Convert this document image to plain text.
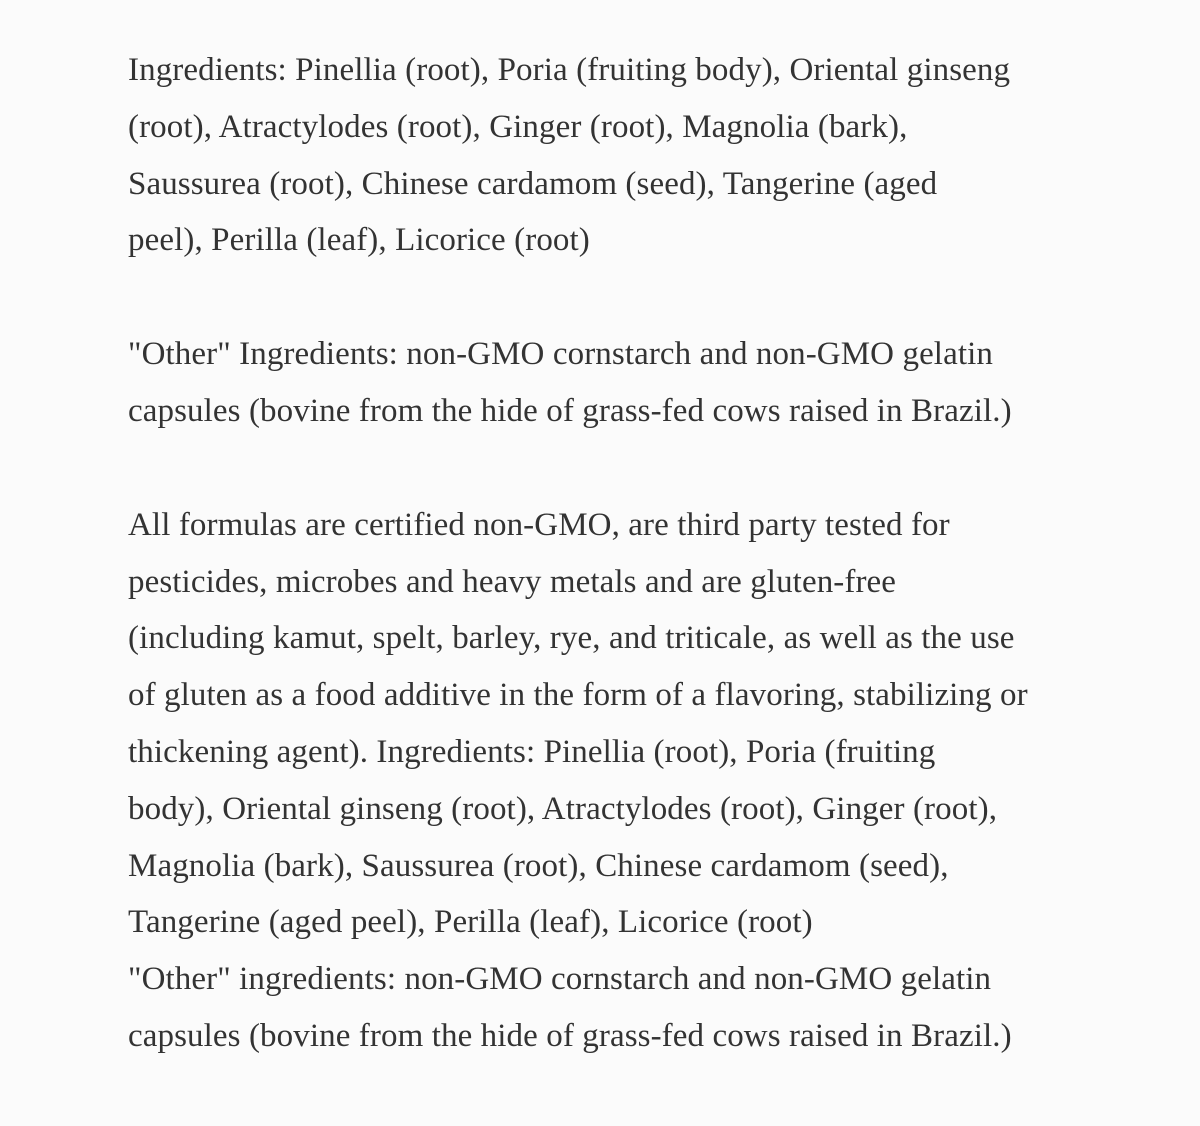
Ingredients: Pinellia (root), Poria (fruiting body), Oriental ginseng
(root), Atractylodes (root), Ginger (root), Magnolia (bark),
Saussurea (root), Chinese cardamom (seed), Tangerine (aged
peel), Perilla (leaf), Licorice (root)

"Other" Ingredients: non-GMO cornstarch and non-GMO gelatin
capsules (bovine from the hide of grass-fed cows raised in Brazil.)

All formulas are certified non-GMO, are third party tested for
pesticides, microbes and heavy metals and are gluten-free
(including kamut, spelt, barley, rye, and triticale, as well as the use
of gluten as a food additive in the form of a flavoring, stabilizing or
thickening agent). Ingredients: Pinellia (root), Poria (fruiting
body), Oriental ginseng (root), Atractylodes (root), Ginger (root),
Magnolia (bark), Saussurea (root), Chinese cardamom (seed),
Tangerine (aged peel), Perilla (leaf), Licorice (root)
"Other" ingredients: non-GMO cornstarch and non-GMO gelatin
capsules (bovine from the hide of grass-fed cows raised in Brazil.)
